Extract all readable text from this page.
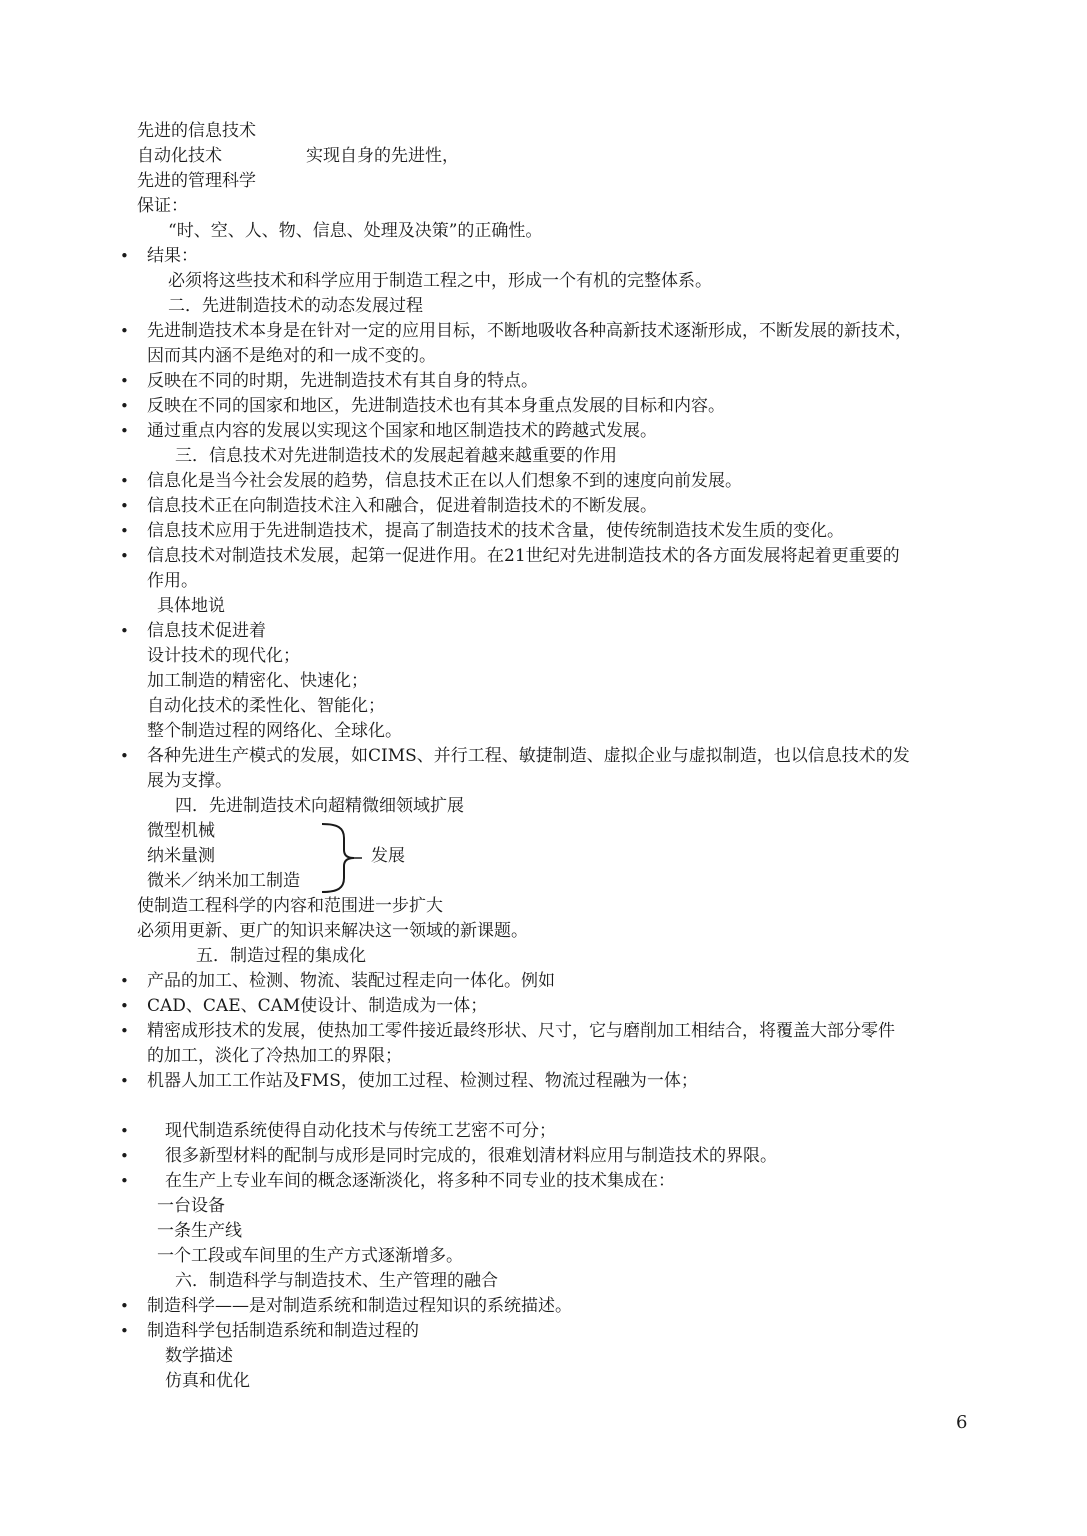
先进的信息技术
自动化技术	实现自身的先进性，
先进的管理科学
保证：
“时、空、人、物、信息、处理及决策”的正确性。
结果：
•
必须将这些技术和科学应用于制造工程之中，形成一个有机的完整体系。
二．先进制造技术的动态发展过程
先进制造技术本身是在针对一定的应用目标，不断地吸收各种高新技术逐渐形成，不断发展的新技术，
•
因而其内涵不是绝对的和一成不变的。
反映在不同的时期，先进制造技术有其自身的特点。
•
反映在不同的国家和地区，先进制造技术也有其本身重点发展的目标和内容。
•
通过重点内容的发展以实现这个国家和地区制造技术的跨越式发展。
•
三．信息技术对先进制造技术的发展起着越来越重要的作用
信息化是当今社会发展的趋势，信息技术正在以人们想象不到的速度向前发展。
•
信息技术正在向制造技术注入和融合，促进着制造技术的不断发展。
•
信息技术应用于先进制造技术，提高了制造技术的技术含量，使传统制造技术发生质的变化。
•
信息技术对制造技术发展，起第一促进作用。在21世纪对先进制造技术的各方面发展将起着更重要的
•
作用。
具体地说
信息技术促进着
•
设计技术的现代化；
加工制造的精密化、快速化；
自动化技术的柔性化、智能化；
整个制造过程的网络化、全球化。
各种先进生产模式的发展，如CIMS、并行工程、敏捷制造、虚拟企业与虚拟制造，也以信息技术的发
•
展为支撑。
四．先进制造技术向超精微细领域扩展
微型机械
纳米量测	发展
微米／纳米加工制造
使制造工程科学的内容和范围进一步扩大
必须用更新、更广的知识来解决这一领域的新课题。
五．制造过程的集成化
产品的加工、检测、物流、装配过程走向一体化。例如
•
CAD、CAE、CAM使设计、制造成为一体；
•
精密成形技术的发展，使热加工零件接近最终形状、尺寸，它与磨削加工相结合，将覆盖大部分零件
•
的加工，淡化了冷热加工的界限；
机器人加工工作站及FMS，使加工过程、检测过程、物流过程融为一体；
•
现代制造系统使得自动化技术与传统工艺密不可分；
•
很多新型材料的配制与成形是同时完成的，很难划清材料应用与制造技术的界限。
•
在生产上专业车间的概念逐渐淡化，将多种不同专业的技术集成在：
•
一台设备
一条生产线
一个工段或车间里的生产方式逐渐增多。
六．制造科学与制造技术、生产管理的融合
制造科学——是对制造系统和制造过程知识的系统描述。
•
制造科学包括制造系统和制造过程的
•
数学描述
仿真和优化
6
